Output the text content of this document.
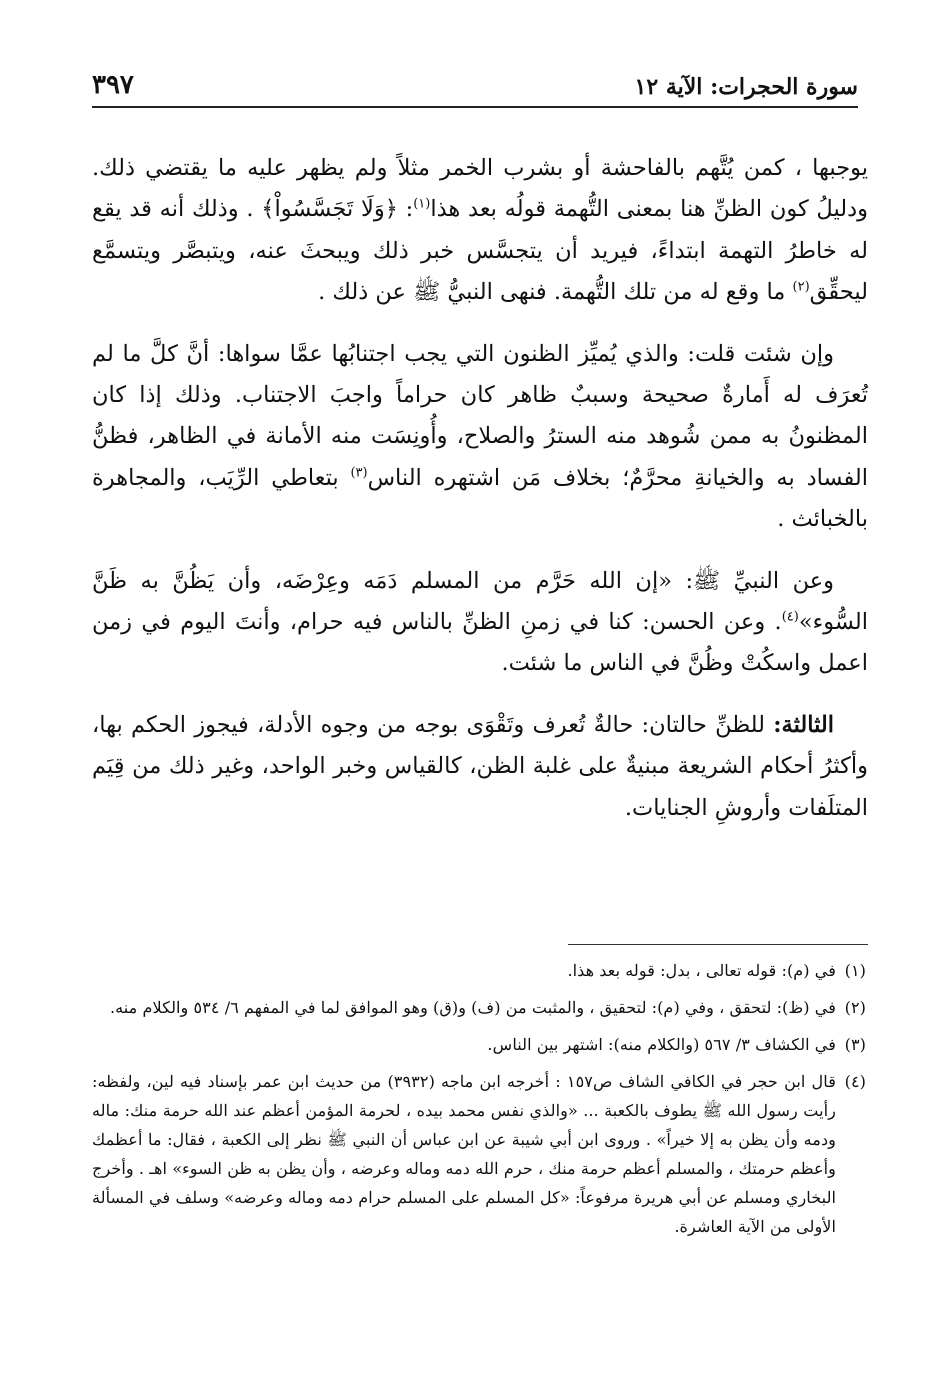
سورة الحجرات: الآية ١٢
٣٩٧

يوجبها ، كمن يُتَّهم بالفاحشة أو بشرب الخمر مثلاً ولم يظهر عليه ما يقتضي ذلك. ودليلُ كون الظنِّ هنا بمعنى التُّهمة قولُه بعد هذا$^{(١)}$: ﴿وَلَا تَجَسَّسُواْ﴾ . وذلك أنه قد يقع له خاطرُ التهمة ابتداءً، فيريد أن يتجسَّس خبر ذلك ويبحثَ عنه، ويتبصَّر ويتسمَّع ليحقِّق$^{(٢)}$ ما وقع له من تلك التُّهمة. فنهى النبيُّ ﷺ عن ذلك .

وإن شئت قلت: والذي يُميِّز الظنون التي يجب اجتنابُها عمَّا سواها: أنَّ كلَّ ما لم تُعرَف له أَمارةٌ صحيحة وسببٌ ظاهر كان حراماً واجبَ الاجتناب. وذلك إذا كان المظنونُ به ممن شُوهد منه السترُ والصلاح، وأُونِسَت منه الأمانة في الظاهر، فظنُّ الفساد به والخيانةِ محرَّمٌ؛ بخلاف مَن اشتهره الناس$^{(٣)}$ بتعاطي الرِّيَب، والمجاهرة بالخبائث .

وعن النبيِّ ﷺ: «إن الله حَرَّم من المسلم دَمَه وعِرْضَه، وأن يَظُنَّ به ظَنَّ السُّوء»$^{(٤)}$. وعن الحسن: كنا في زمنِ الظنِّ بالناس فيه حرام، وأنتَ اليوم في زمن اعمل واسكُتْ وظُنَّ في الناس ما شئت.

الثالثة: للظنِّ حالتان: حالةٌ تُعرف وتَقْوَى بوجه من وجوه الأدلة، فيجوز الحكم بها، وأكثرُ أحكام الشريعة مبنيةٌ على غلبة الظن، كالقياس وخبر الواحد، وغير ذلك من قِيَم المتلَفات وأروشِ الجنايات.

(١)في (م): قوله تعالى ، بدل: قوله بعد هذا.

(٢)في (ظ): لتحقق ، وفي (م): لتحقيق ، والمثبت من (ف) و(ق) وهو الموافق لما في المفهم ٦/ ٥٣٤ والكلام منه.

(٣)في الكشاف ٣/ ٥٦٧ (والكلام منه): اشتهر بين الناس.

(٤)قال ابن حجر في الكافي الشاف ص١٥٧ : أخرجه ابن ماجه (٣٩٣٢) من حديث ابن عمر بإسناد فيه لين، ولفظه: رأيت رسول الله ﷺ يطوف بالكعبة ... «والذي نفس محمد بيده ، لحرمة المؤمن أعظم عند الله حرمة منك: ماله ودمه وأن يظن به إلا خيراً» . وروى ابن أبي شيبة عن ابن عباس أن النبي ﷺ نظر إلى الكعبة ، فقال: ما أعظمك وأعظم حرمتك ، والمسلم أعظم حرمة منك ، حرم الله دمه وماله وعرضه ، وأن يظن به ظن السوء» اهـ . وأخرج البخاري ومسلم عن أبي هريرة مرفوعاً: «كل المسلم على المسلم حرام دمه وماله وعرضه» وسلف في المسألة الأولى من الآية العاشرة.
